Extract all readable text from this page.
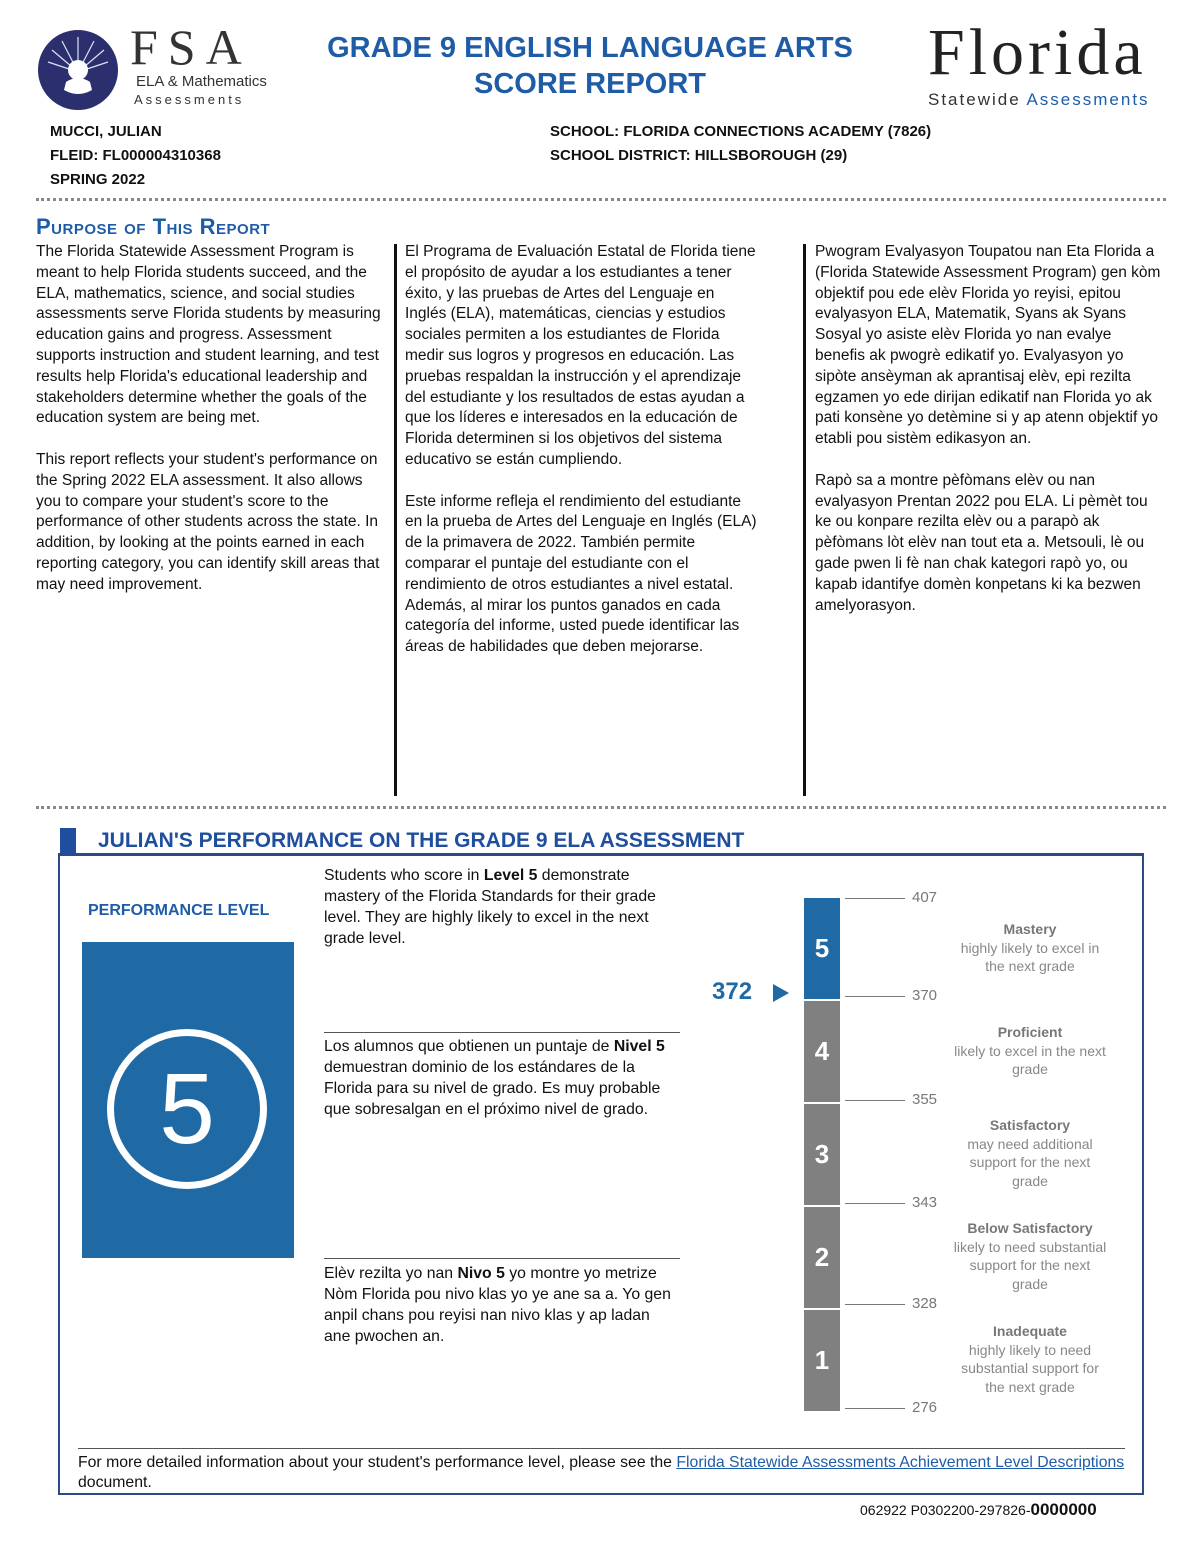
FSA
ELA & Mathematics
Assessments
GRADE 9 ENGLISH LANGUAGE ARTS
SCORE REPORT	Florida
Statewide Assessments
MUCCI, JULIAN
FLEID: FL000004310368
SPRING 2022
SCHOOL: FLORIDA CONNECTIONS ACADEMY (7826)
SCHOOL DISTRICT: HILLSBOROUGH (29)
Purpose of This Report

The Florida Statewide Assessment Program is meant to help Florida students succeed, and the ELA, mathematics, science, and social studies assessments serve Florida students by measuring education gains and progress. Assessment supports instruction and student learning, and test results help Florida's educational leadership and stakeholders determine whether the goals of the education system are being met.

This report reflects your student's performance on the Spring 2022 ELA assessment. It also allows you to compare your student's score to the performance of other students across the state. In addition, by looking at the points earned in each reporting category, you can identify skill areas that may need improvement.

El Programa de Evaluación Estatal de Florida tiene el propósito de ayudar a los estudiantes a tener éxito, y las pruebas de Artes del Lenguaje en Inglés (ELA), matemáticas, ciencias y estudios sociales permiten a los estudiantes de Florida medir sus logros y progresos en educación. Las pruebas respaldan la instrucción y el aprendizaje del estudiante y los resultados de estas ayudan a que los líderes e interesados en la educación de Florida determinen si los objetivos del sistema educativo se están cumpliendo.

Este informe refleja el rendimiento del estudiante en la prueba de Artes del Lenguaje en Inglés (ELA) de la primavera de 2022. También permite comparar el puntaje del estudiante con el rendimiento de otros estudiantes a nivel estatal. Además, al mirar los puntos ganados en cada categoría del informe, usted puede identificar las áreas de habilidades que deben mejorarse.

Pwogram Evalyasyon Toupatou nan Eta Florida a (Florida Statewide Assessment Program) gen kòm objektif pou ede elèv Florida yo reyisi, epitou evalyasyon ELA, Matematik, Syans ak Syans Sosyal yo asiste elèv Florida yo nan evalye benefis ak pwogrè edikatif yo. Evalyasyon yo sipòte ansèyman ak aprantisaj elèv, epi rezilta egzamen yo ede dirijan edikatif nan Florida yo ak pati konsène yo detèmine si y ap atenn objektif yo etabli pou sistèm edikasyon an.

Rapò sa a montre pèfòmans elèv ou nan evalyasyon Prentan 2022 pou ELA. Li pèmèt tou ke ou konpare rezilta elèv ou a parapò ak pèfòmans lòt elèv nan tout eta a. Metsouli, lè ou gade pwen li fè nan chak kategori rapò yo, ou kapab idantifye domèn konpetans ki ka bezwen amelyorasyon.

JULIAN'S PERFORMANCE ON THE GRADE 9 ELA ASSESSMENT
PERFORMANCE LEVEL
5
Students who score in Level 5 demonstrate mastery of the Florida Standards for their grade level. They are highly likely to excel in the next grade level.
Los alumnos que obtienen un puntaje de Nivel 5 demuestran dominio de los estándares de la Florida para su nivel de grado. Es muy probable que sobresalgan en el próximo nivel de grado.
Elèv rezilta yo nan Nivo 5 yo montre yo metrize Nòm Florida pou nivo klas yo ye ane sa a. Yo gen anpil chans pou reyisi nan nivo klas y ap ladan ane pwochen an.
372
5
Mastery
highly likely to excel in the next grade
4
Proficient
likely to excel in the next grade
3
Satisfactory
may need additional support for the next grade
2
Below Satisfactory
likely to need substantial support for the next grade
1
Inadequate
highly likely to need substantial support for the next grade
407
370
355
343
328
276
For more detailed information about your student's performance level, please see the Florida Statewide Assessments Achievement Level Descriptions document.
062922 P0302200-297826-0000000
